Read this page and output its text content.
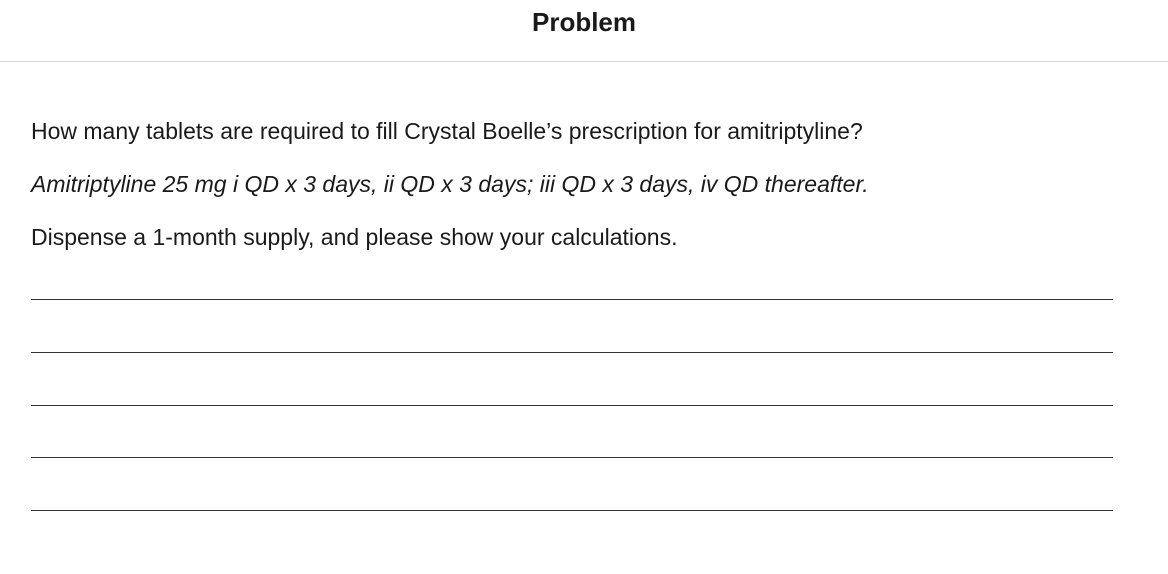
Problem
How many tablets are required to fill Crystal Boelle’s prescription for amitriptyline?
Amitriptyline 25 mg i QD x 3 days, ii QD x 3 days; iii QD x 3 days, iv QD thereafter.
Dispense a 1-month supply, and please show your calculations.
